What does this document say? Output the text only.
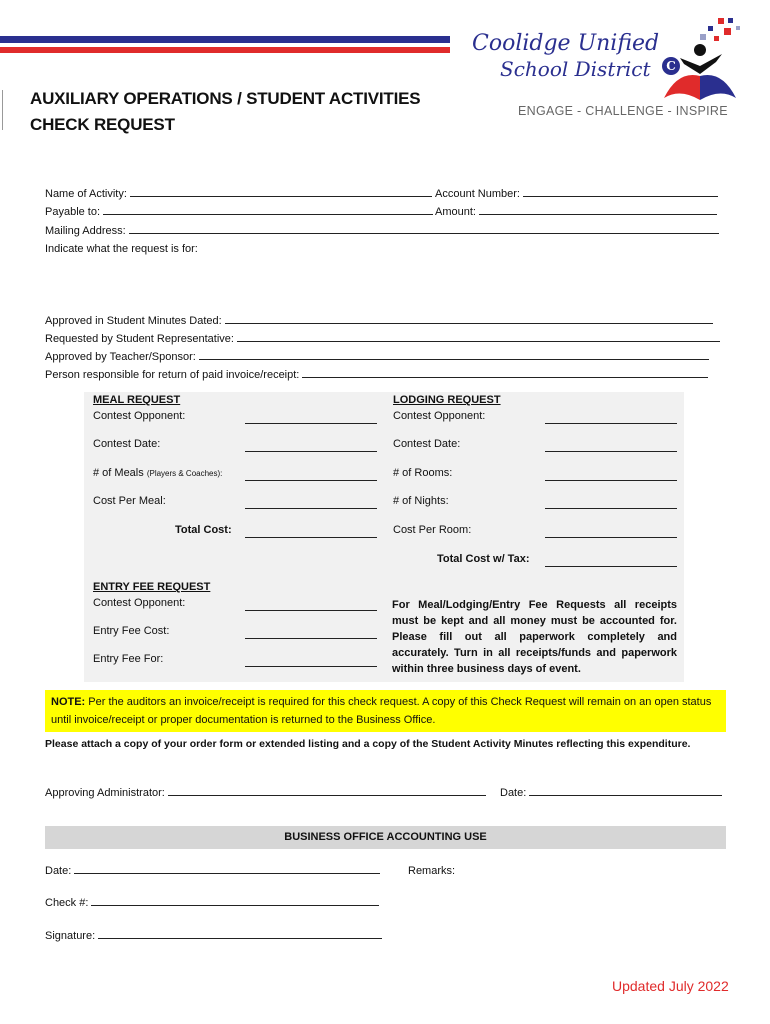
AUXILIARY OPERATIONS / STUDENT ACTIVITIES
CHECK REQUEST
C
Coolidge Unified
School District
ENGAGE - CHALLENGE - INSPIRE
Name of Activity:	Account Number:
Payable to:	Amount:
Mailing Address:
Indicate what the request is for:
Approved in Student Minutes Dated:
Requested by Student Representative:
Approved by Teacher/Sponsor:
Person responsible for return of paid invoice/receipt:
MEAL REQUEST
Contest Opponent:
Contest Date:
# of Meals (Players & Coaches):
Cost Per Meal:
Total Cost:
LODGING REQUEST
Contest Opponent:
Contest Date:
# of Rooms:
# of Nights:
Cost Per Room:
Total Cost w/ Tax:
ENTRY FEE REQUEST
Contest Opponent:
Entry Fee Cost:
Entry Fee For:
For Meal/Lodging/Entry Fee Requests all receipts must be kept and all money must be accounted for. Please fill out all paperwork completely and accurately. Turn in all receipts/funds and paperwork within three business days of event.
NOTE: Per the auditors an invoice/receipt is required for this check request. A copy of this Check Request will remain on an open status until invoice/receipt or proper documentation is returned to the Business Office.
Please attach a copy of your order form or extended listing and a copy of the Student Activity Minutes reflecting this expenditure.
Approving Administrator:	Date:
BUSINESS OFFICE ACCOUNTING USE
Date:	Remarks:
Check #:
Signature:
Updated July 2022
